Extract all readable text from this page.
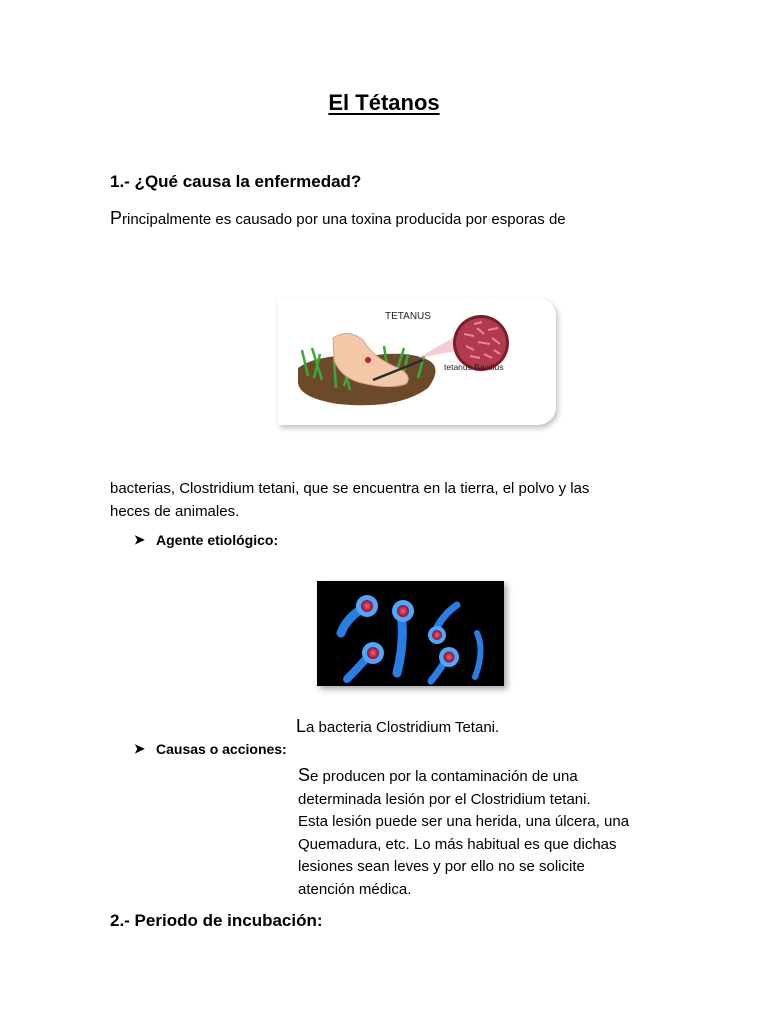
El Tétanos
1.- ¿Qué causa la enfermedad?
Principalmente es causado por una toxina producida por esporas de
TETANUS
tetanus Bacillus
bacterias, Clostridium tetani, que se encuentra en la tierra, el polvo y las
heces de animales.
➤ Agente etiológico:
La bacteria Clostridium Tetani.
➤ Causas o acciones:
Se producen por la contaminación de una
determinada lesión por el Clostridium tetani.
Esta lesión puede ser una herida, una úlcera, una
Quemadura, etc. Lo más habitual es que dichas
lesiones sean leves y por ello no se solicite
atención médica.
2.- Periodo de incubación:
